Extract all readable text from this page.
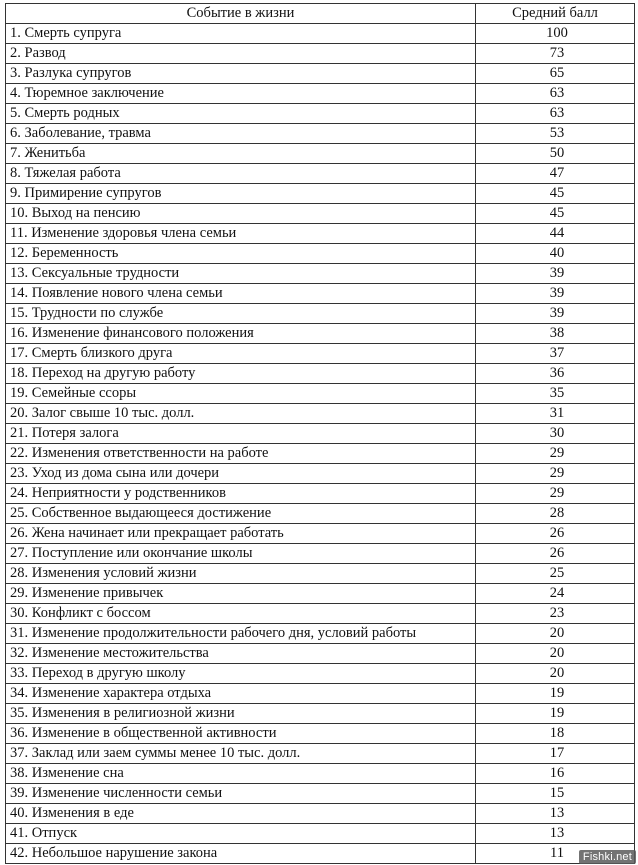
Событие в жизни	Средний балл
1. Смерть супруга	100
2. Развод	73
3. Разлука супругов	65
4. Тюремное заключение	63
5. Смерть родных	63
6. Заболевание, травма	53
7. Женитьба	50
8. Тяжелая работа	47
9. Примирение супругов	45
10. Выход на пенсию	45
11. Изменение здоровья члена семьи	44
12. Беременность	40
13. Сексуальные трудности	39
14. Появление нового члена семьи	39
15. Трудности по службе	39
16. Изменение финансового положения	38
17. Смерть близкого друга	37
18. Переход на другую работу	36
19. Семейные ссоры	35
20. Залог свыше 10 тыс. долл.	31
21. Потеря залога	30
22. Изменения ответственности на работе	29
23. Уход из дома сына или дочери	29
24. Неприятности у родственников	29
25. Собственное выдающееся достижение	28
26. Жена начинает или прекращает работать	26
27. Поступление или окончание школы	26
28. Изменения условий жизни	25
29. Изменение привычек	24
30. Конфликт с боссом	23
31. Изменение продолжительности рабочего дня, условий работы	20
32. Изменение местожительства	20
33. Переход в другую школу	20
34. Изменение характера отдыха	19
35. Изменения в религиозной жизни	19
36. Изменение в общественной активности	18
37. Заклад или заем суммы менее 10 тыс. долл.	17
38. Изменение сна	16
39. Изменение численности семьи	15
40. Изменения в еде	13
41. Отпуск	13
42. Небольшое нарушение закона	11	Fishki.net
